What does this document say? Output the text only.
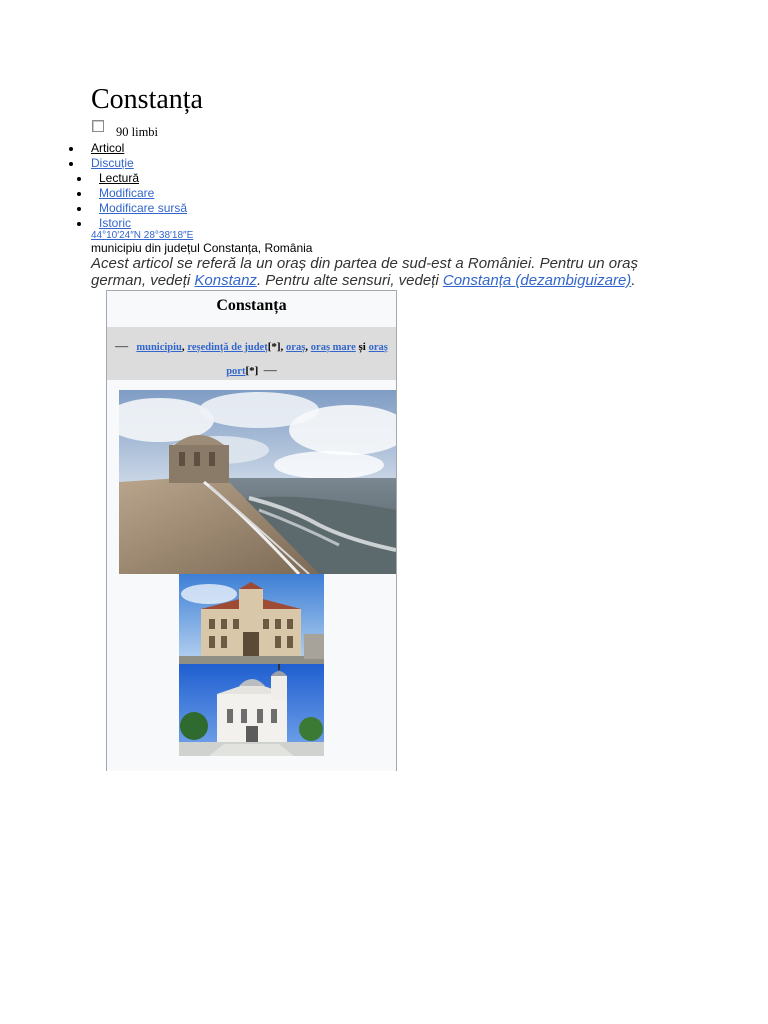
Constanța
90 limbi
Articol
Discuție
Lectură
Modificare
Modificare sursă
Istoric
44°10′24″N 28°38′18″E
municipiu din județul Constanța, România
Acest articol se referă la un oraș din partea de sud-est a României. Pentru un oraș german, vedeți Konstanz. Pentru alte sensuri, vedeți Constanța (dezambiguizare).
Constanța
— municipiu, reședință de județ[*], oraș, oraș mare și oraș port[*] —
